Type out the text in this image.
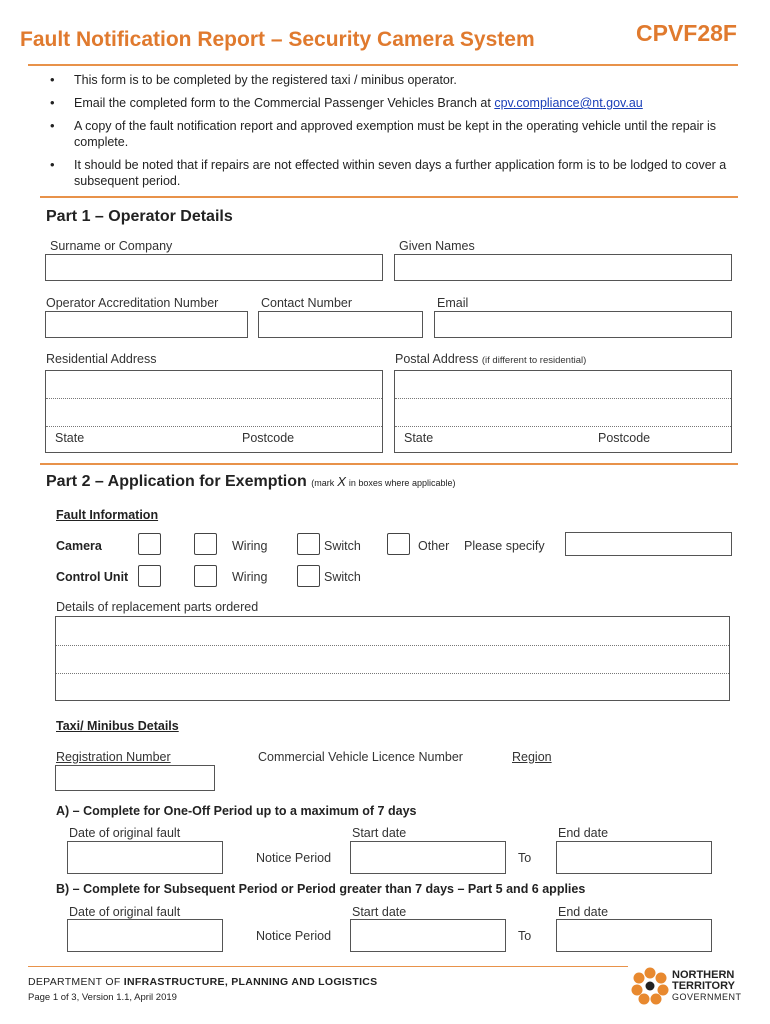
Fault Notification Report – Security Camera System	CPVF28F
• This form is to be completed by the registered taxi / minibus operator.
• Email the completed form to the Commercial Passenger Vehicles Branch at cpv.compliance@nt.gov.au
• A copy of the fault notification report and approved exemption must be kept in the operating vehicle until the repair is complete.
• It should be noted that if repairs are not effected within seven days a further application form is to be lodged to cover a subsequent period.
Part 1 – Operator Details
Surname or Company	Given Names
Operator Accreditation Number	Contact Number	Email
Residential Address	Postal Address (if different to residential)
State	Postcode	State	Postcode
Part 2 – Application for Exemption (mark X in boxes where applicable)
Fault Information
Camera	Wiring	Switch	Other Please specify
Control Unit	Wiring	Switch
Details of replacement parts ordered
Taxi/ Minibus Details
Registration Number	Commercial Vehicle Licence Number	Region
A) – Complete for One-Off Period up to a maximum of 7 days
Date of original fault	Start date	End date
Notice Period	To
B) – Complete for Subsequent Period or Period greater than 7 days – Part 5 and 6 applies
Date of original fault	Start date	End date
Notice Period	To
DEPARTMENT OF INFRASTRUCTURE, PLANNING AND LOGISTICS
Page 1 of 3, Version 1.1, April 2019
NORTHERN
TERRITORY
GOVERNMENT
